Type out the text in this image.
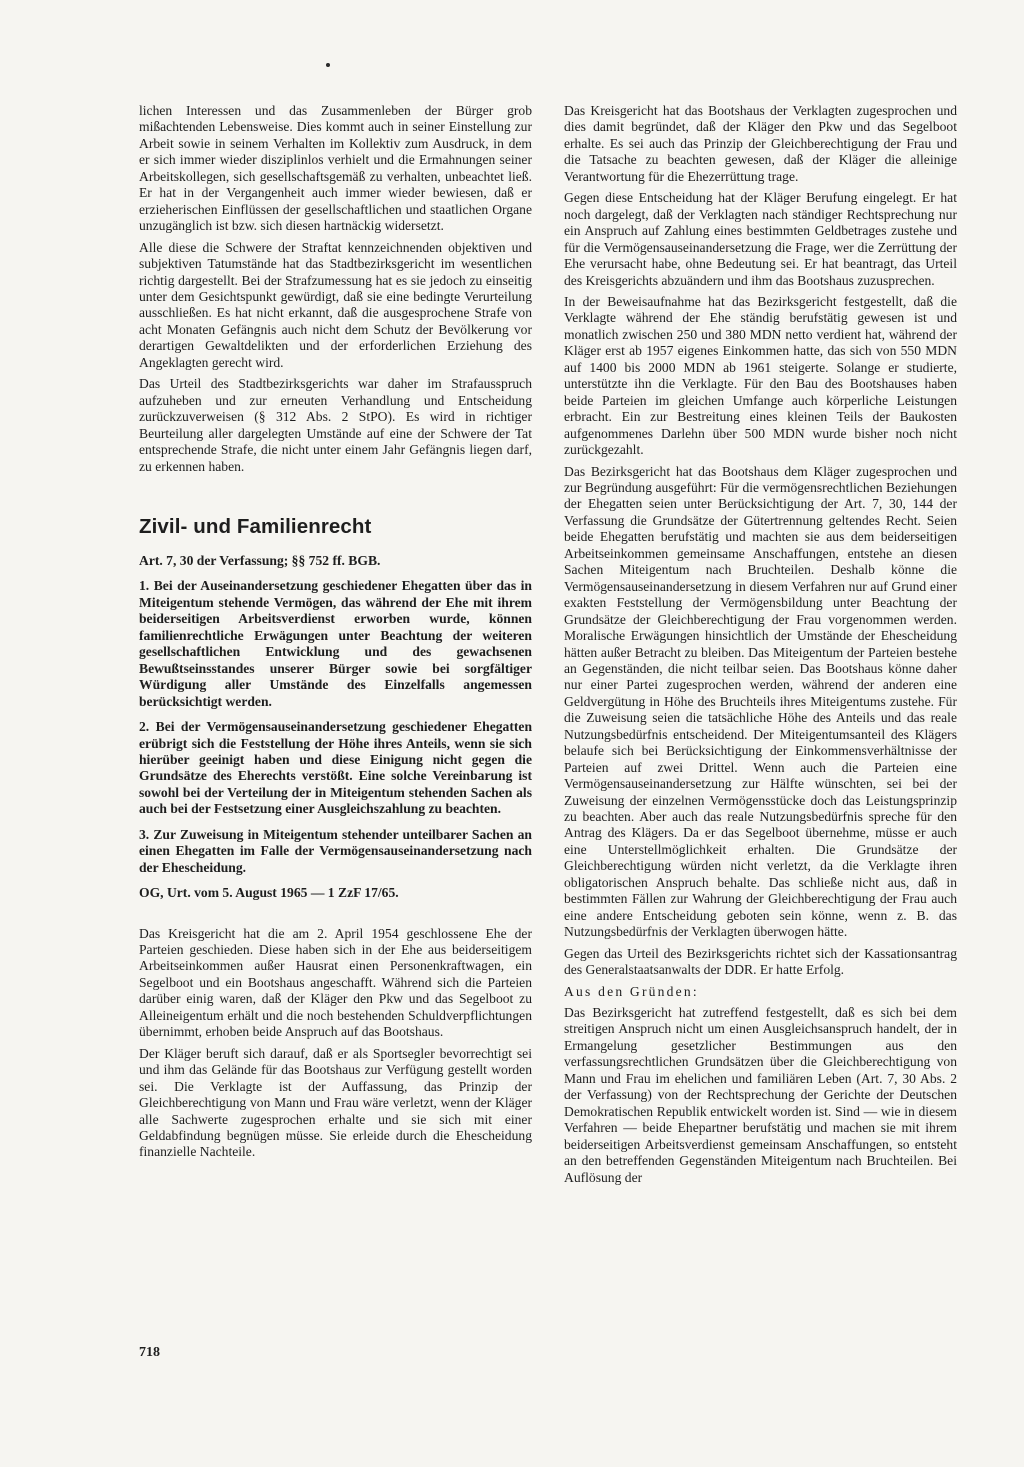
lichen Interessen und das Zusammenleben der Bürger grob mißachtenden Lebensweise. Dies kommt auch in seiner Einstellung zur Arbeit sowie in seinem Verhalten im Kollektiv zum Ausdruck, in dem er sich immer wieder disziplinlos verhielt und die Ermahnungen seiner Arbeitskollegen, sich gesellschaftsgemäß zu verhalten, unbeachtet ließ. Er hat in der Vergangenheit auch immer wieder bewiesen, daß er erzieherischen Einflüssen der gesellschaftlichen und staatlichen Organe unzugänglich ist bzw. sich diesen hartnäckig widersetzt.

Alle diese die Schwere der Straftat kennzeichnenden objektiven und subjektiven Tatumstände hat das Stadtbezirksgericht im wesentlichen richtig dargestellt. Bei der Strafzumessung hat es sie jedoch zu einseitig unter dem Gesichtspunkt gewürdigt, daß sie eine bedingte Verurteilung ausschließen. Es hat nicht erkannt, daß die ausgesprochene Strafe von acht Monaten Gefängnis auch nicht dem Schutz der Bevölkerung vor derartigen Gewaltdelikten und der erforderlichen Erziehung des Angeklagten gerecht wird.

Das Urteil des Stadtbezirksgerichts war daher im Strafausspruch aufzuheben und zur erneuten Verhandlung und Entscheidung zurückzuverweisen (§ 312 Abs. 2 StPO). Es wird in richtiger Beurteilung aller dargelegten Umstände auf eine der Schwere der Tat entsprechende Strafe, die nicht unter einem Jahr Gefängnis liegen darf, zu erkennen haben.

Zivil- und Familienrecht

Art. 7, 30 der Verfassung; §§ 752 ff. BGB.

1. Bei der Auseinandersetzung geschiedener Ehegatten über das in Miteigentum stehende Vermögen, das während der Ehe mit ihrem beiderseitigen Arbeitsverdienst erworben wurde, können familienrechtliche Erwägungen unter Beachtung der weiteren gesellschaftlichen Entwicklung und des gewachsenen Bewußtseinsstandes unserer Bürger sowie bei sorgfältiger Würdigung aller Umstände des Einzelfalls angemessen berücksichtigt werden.

2. Bei der Vermögensauseinandersetzung geschiedener Ehegatten erübrigt sich die Feststellung der Höhe ihres Anteils, wenn sie sich hierüber geeinigt haben und diese Einigung nicht gegen die Grundsätze des Eherechts verstößt. Eine solche Vereinbarung ist sowohl bei der Verteilung der in Miteigentum stehenden Sachen als auch bei der Festsetzung einer Ausgleichszahlung zu beachten.

3. Zur Zuweisung in Miteigentum stehender unteilbarer Sachen an einen Ehegatten im Falle der Vermögensauseinandersetzung nach der Ehescheidung.

OG, Urt. vom 5. August 1965 — 1 ZzF 17/65.

Das Kreisgericht hat die am 2. April 1954 geschlossene Ehe der Parteien geschieden. Diese haben sich in der Ehe aus beiderseitigem Arbeitseinkommen außer Hausrat einen Personenkraftwagen, ein Segelboot und ein Bootshaus angeschafft. Während sich die Parteien darüber einig waren, daß der Kläger den Pkw und das Segelboot zu Alleineigentum erhält und die noch bestehenden Schuldverpflichtungen übernimmt, erhoben beide Anspruch auf das Bootshaus.

Der Kläger beruft sich darauf, daß er als Sportsegler bevorrechtigt sei und ihm das Gelände für das Bootshaus zur Verfügung gestellt worden sei. Die Verklagte ist der Auffassung, das Prinzip der Gleichberechtigung von Mann und Frau wäre verletzt, wenn der Kläger alle Sachwerte zugesprochen erhalte und sie sich mit einer Geldabfindung begnügen müsse. Sie erleide durch die Ehescheidung finanzielle Nachteile.

Das Kreisgericht hat das Bootshaus der Verklagten zugesprochen und dies damit begründet, daß der Kläger den Pkw und das Segelboot erhalte. Es sei auch das Prinzip der Gleichberechtigung der Frau und die Tatsache zu beachten gewesen, daß der Kläger die alleinige Verantwortung für die Ehezerrüttung trage.

Gegen diese Entscheidung hat der Kläger Berufung eingelegt. Er hat noch dargelegt, daß der Verklagten nach ständiger Rechtsprechung nur ein Anspruch auf Zahlung eines bestimmten Geldbetrages zustehe und für die Vermögensauseinandersetzung die Frage, wer die Zerrüttung der Ehe verursacht habe, ohne Bedeutung sei. Er hat beantragt, das Urteil des Kreisgerichts abzuändern und ihm das Bootshaus zuzusprechen.

In der Beweisaufnahme hat das Bezirksgericht festgestellt, daß die Verklagte während der Ehe ständig berufstätig gewesen ist und monatlich zwischen 250 und 380 MDN netto verdient hat, während der Kläger erst ab 1957 eigenes Einkommen hatte, das sich von 550 MDN auf 1400 bis 2000 MDN ab 1961 steigerte. Solange er studierte, unterstützte ihn die Verklagte. Für den Bau des Bootshauses haben beide Parteien im gleichen Umfange auch körperliche Leistungen erbracht. Ein zur Bestreitung eines kleinen Teils der Baukosten aufgenommenes Darlehn über 500 MDN wurde bisher noch nicht zurückgezahlt.

Das Bezirksgericht hat das Bootshaus dem Kläger zugesprochen und zur Begründung ausgeführt: Für die vermögensrechtlichen Beziehungen der Ehegatten seien unter Berücksichtigung der Art. 7, 30, 144 der Verfassung die Grundsätze der Gütertrennung geltendes Recht. Seien beide Ehegatten berufstätig und machten sie aus dem beiderseitigen Arbeitseinkommen gemeinsame Anschaffungen, entstehe an diesen Sachen Miteigentum nach Bruchteilen. Deshalb könne die Vermögensauseinandersetzung in diesem Verfahren nur auf Grund einer exakten Feststellung der Vermögensbildung unter Beachtung der Grundsätze der Gleichberechtigung der Frau vorgenommen werden. Moralische Erwägungen hinsichtlich der Umstände der Ehescheidung hätten außer Betracht zu bleiben. Das Miteigentum der Parteien bestehe an Gegenständen, die nicht teilbar seien. Das Bootshaus könne daher nur einer Partei zugesprochen werden, während der anderen eine Geldvergütung in Höhe des Bruchteils ihres Miteigentums zustehe. Für die Zuweisung seien die tatsächliche Höhe des Anteils und das reale Nutzungsbedürfnis entscheidend. Der Miteigentumsanteil des Klägers belaufe sich bei Berücksichtigung der Einkommensverhältnisse der Parteien auf zwei Drittel. Wenn auch die Parteien eine Vermögensauseinandersetzung zur Hälfte wünschten, sei bei der Zuweisung der einzelnen Vermögensstücke doch das Leistungsprinzip zu beachten. Aber auch das reale Nutzungsbedürfnis spreche für den Antrag des Klägers. Da er das Segelboot übernehme, müsse er auch eine Unterstellmöglichkeit erhalten. Die Grundsätze der Gleichberechtigung würden nicht verletzt, da die Verklagte ihren obligatorischen Anspruch behalte. Das schließe nicht aus, daß in bestimmten Fällen zur Wahrung der Gleichberechtigung der Frau auch eine andere Entscheidung geboten sein könne, wenn z. B. das Nutzungsbedürfnis der Verklagten überwogen hätte.

Gegen das Urteil des Bezirksgerichts richtet sich der Kassationsantrag des Generalstaatsanwalts der DDR. Er hatte Erfolg.

Aus den Gründen:

Das Bezirksgericht hat zutreffend festgestellt, daß es sich bei dem streitigen Anspruch nicht um einen Ausgleichsanspruch handelt, der in Ermangelung gesetzlicher Bestimmungen aus den verfassungsrechtlichen Grundsätzen über die Gleichberechtigung von Mann und Frau im ehelichen und familiären Leben (Art. 7, 30 Abs. 2 der Verfassung) von der Rechtsprechung der Gerichte der Deutschen Demokratischen Republik entwickelt worden ist. Sind — wie in diesem Verfahren — beide Ehepartner berufstätig und machen sie mit ihrem beiderseitigen Arbeitsverdienst gemeinsam Anschaffungen, so entsteht an den betreffenden Gegenständen Miteigentum nach Bruchteilen. Bei Auflösung der

718
